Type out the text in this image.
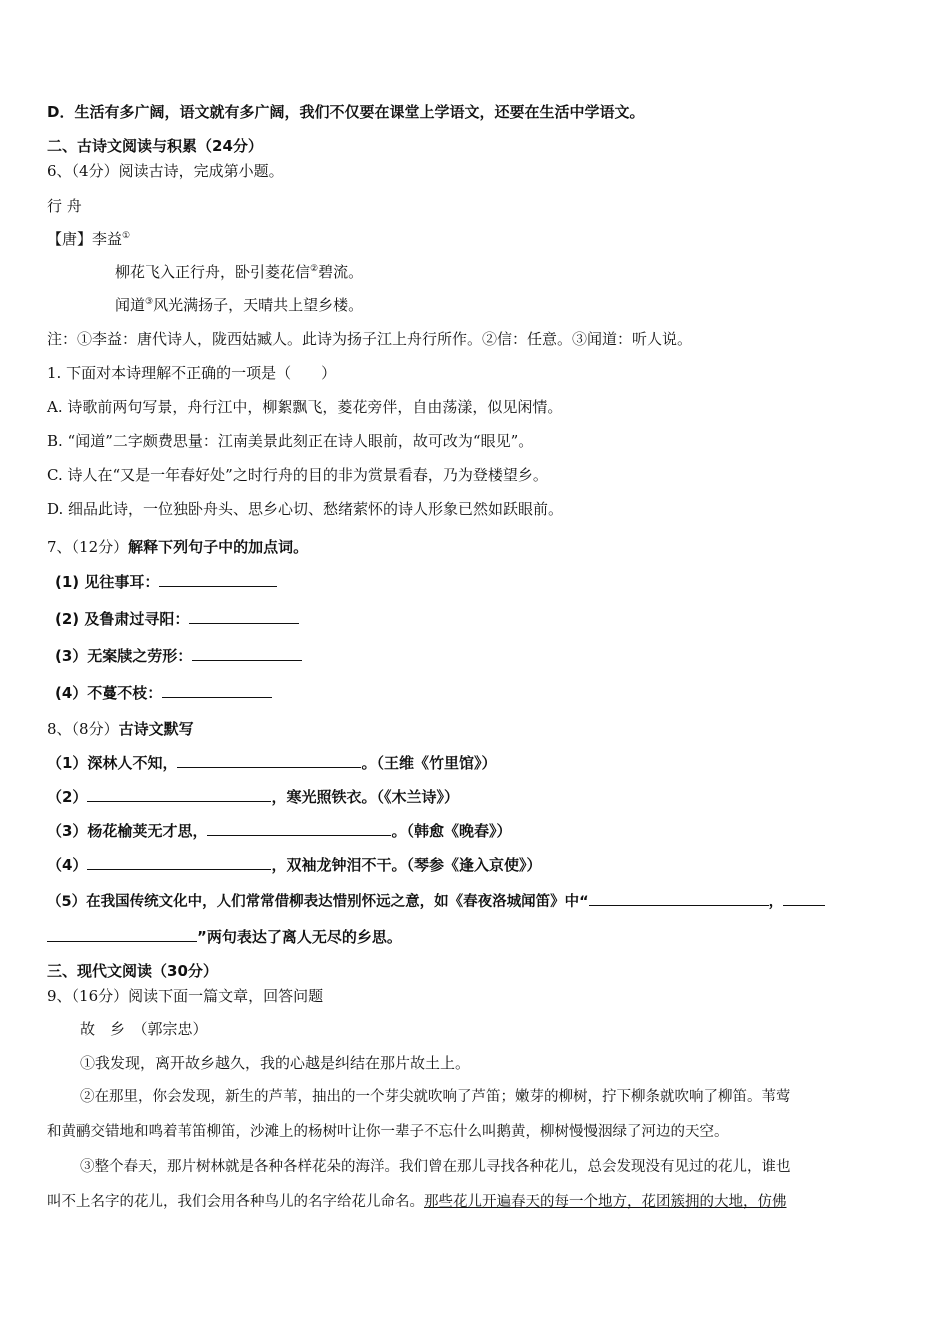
D．生活有多广阔，语文就有多广阔，我们不仅要在课堂上学语文，还要在生活中学语文。
二、古诗文阅读与积累（24分）
6、（4分）阅读古诗，完成第小题。
行 舟
【唐】李益①
柳花飞入正行舟，卧引菱花信②碧流。
闻道③风光满扬子，天晴共上望乡楼。
注：①李益：唐代诗人，陇西姑臧人。此诗为扬子江上舟行所作。②信：任意。③闻道：听人说。
1. 下面对本诗理解不正确的一项是（　　）
A. 诗歌前两句写景，舟行江中，柳絮飘飞，菱花旁伴，自由荡漾，似见闲情。
B. “闻道”二字颇费思量：江南美景此刻正在诗人眼前，故可改为“眼见”。
C. 诗人在“又是一年春好处”之时行舟的目的非为赏景看春，乃为登楼望乡。
D. 细品此诗，一位独卧舟头、思乡心切、愁绪萦怀的诗人形象已然如跃眼前。
7、（12分）解释下列句子中的加点词。
(1) 见往事耳：
(2) 及鲁肃过寻阳：
(3）无案牍之劳形：
(4）不蔓不枝：
8、（8分）古诗文默写
（1）深林人不知，	。（王维《竹里馆》）
（2）	，寒光照铁衣。（《木兰诗》）
（3）杨花榆荚无才思，	。（韩愈《晚春》）
（4）	，双袖龙钟泪不干。（琴参《逢入京使》）
（5）在我国传统文化中，人们常常借柳表达惜别怀远之意，如《春夜洛城闻笛》中“	，
”两句表达了离人无尽的乡思。
三、现代文阅读（30分）
9、（16分）阅读下面一篇文章，回答问题
故　乡　（郭宗忠）
①我发现，离开故乡越久，我的心越是纠结在那片故土上。
②在那里，你会发现，新生的芦苇，抽出的一个芽尖就吹响了芦笛；嫩芽的柳树，拧下柳条就吹响了柳笛。苇莺
和黄鹂交错地和鸣着苇笛柳笛，沙滩上的杨树叶让你一辈子不忘什么叫鹅黄，柳树慢慢洇绿了河边的天空。
③整个春天，那片树林就是各种各样花朵的海洋。我们曾在那儿寻找各种花儿，总会发现没有见过的花儿，谁也
叫不上名字的花儿，我们会用各种鸟儿的名字给花儿命名。那些花儿开遍春天的每一个地方，花团簇拥的大地，仿佛
